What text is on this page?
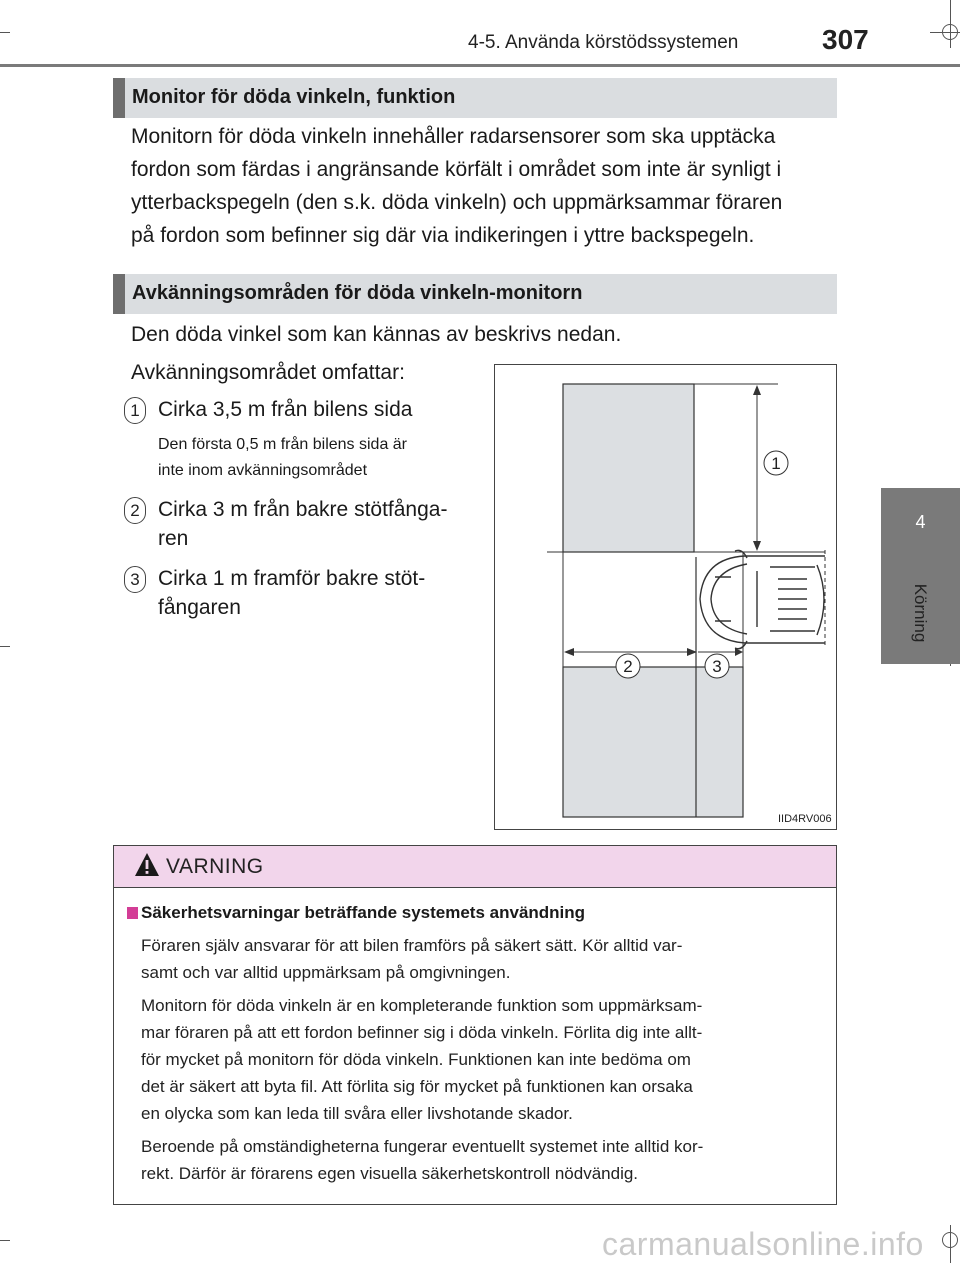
4-5. Använda körstödssystemen	307
4
Körning
Monitor för döda vinkeln, funktion
Monitorn för döda vinkeln innehåller radarsensorer som ska upptäcka
fordon som färdas i angränsande körfält i området som inte är synligt i
ytterbackspegeln (den s.k. döda vinkeln) och uppmärksammar föraren
på fordon som befinner sig där via indikeringen i yttre backspegeln.
Avkänningsområden för döda vinkeln-monitorn
Den döda vinkel som kan kännas av beskrivs nedan.
Avkänningsområdet omfattar:
1 Cirka 3,5 m från bilens sida
Den första 0,5 m från bilens sida är
inte inom avkänningsområdet
2 Cirka 3 m från bakre stötfånga-
ren
3 Cirka 1 m framför bakre stöt-
fångaren
1
2	3
IID4RV006
VARNING
Säkerhetsvarningar beträffande systemets användning
Föraren själv ansvarar för att bilen framförs på säkert sätt. Kör alltid var-
samt och var alltid uppmärksam på omgivningen.
Monitorn för döda vinkeln är en kompleterande funktion som uppmärksam-
mar föraren på att ett fordon befinner sig i döda vinkeln. Förlita dig inte allt-
för mycket på monitorn för döda vinkeln. Funktionen kan inte bedöma om
det är säkert att byta fil. Att förlita sig för mycket på funktionen kan orsaka
en olycka som kan leda till svåra eller livshotande skador.
Beroende på omständigheterna fungerar eventuellt systemet inte alltid kor-
rekt. Därför är förarens egen visuella säkerhetskontroll nödvändig.
carmanualsonline.info
